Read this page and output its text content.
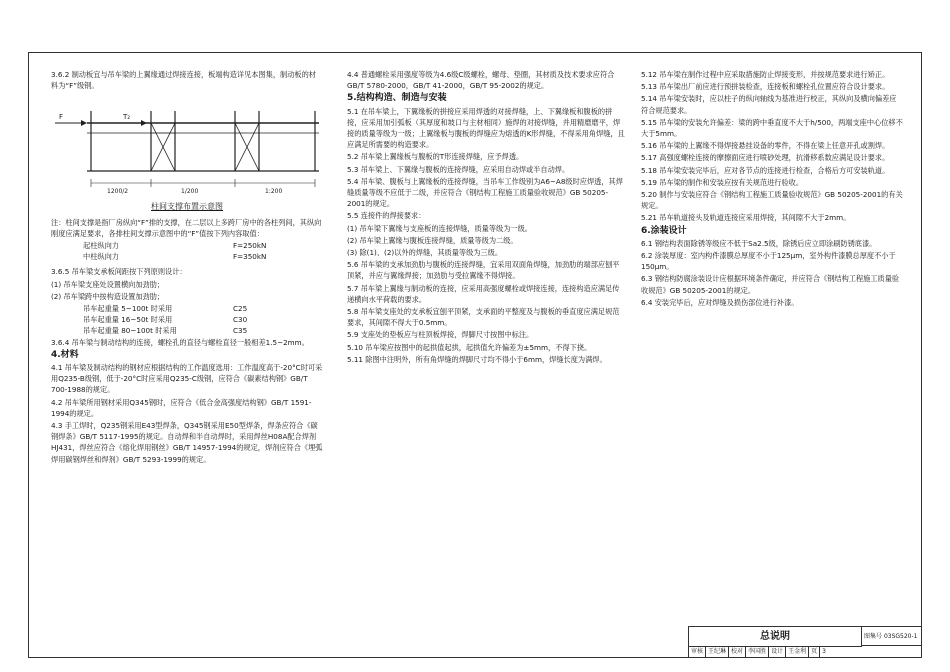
3.6.2 制动板宜与吊车梁的上翼缘通过焊接连接，板端构造详见本图集，制动板的材料为“F”级钢。

F	T₂
1200/2	1/200	1:200
柱间支撑布置示意图

注：柱间支撑是指厂房纵向“F”排的支撑，在二层以上多跨厂房中的各柱列间，其纵向刚度应满足要求，各排柱间支撑示意图中的“F”值按下列内容取值：

起柱纵向力	F=250kN
中柱纵向力	F=350kN

3.6.5 吊车梁支承板间距按下列原则设计：

(1) 吊车梁支座处设置横向加劲肋；

(2) 吊车梁跨中按构造设置加劲肋；

吊车起重量 5~100t 时采用	C25
吊车起重量 16~50t 时采用	C30
吊车起重量 80~100t 时采用	C35

3.6.4 吊车梁与制动结构的连接，螺栓孔的直径与螺栓直径一般相差1.5~2mm。

4.材料

4.1 吊车梁及制动结构的钢材应根据结构的工作温度选用：工作温度高于-20°C时可采用Q235-B级钢，低于-20°C时应采用Q235-C级钢，应符合《碳素结构钢》GB/T 700-1988的规定。

4.2 吊车梁所用钢材采用Q345钢时，应符合《低合金高强度结构钢》GB/T 1591-1994的规定。

4.3 手工焊时，Q235钢采用E43型焊条，Q345钢采用E50型焊条，焊条应符合《碳钢焊条》GB/T 5117-1995的规定。自动焊和半自动焊时，采用焊丝H08A配合焊剂HJ431，焊丝应符合《熔化焊用钢丝》GB/T 14957-1994的规定，焊剂应符合《埋弧焊用碳钢焊丝和焊剂》GB/T 5293-1999的规定。

4.4 普通螺栓采用强度等级为4.6级C级螺栓，螺母、垫圈，其材质及技术要求应符合GB/T 5780-2000，GB/T 41-2000，GB/T 95-2002的规定。

5.结构构造、制造与安装

5.1 在吊车梁上，下翼缘板的拼接应采用焊透的对接焊缝，上、下翼缘板和腹板的拼接，应采用加引弧板（其厚度和坡口与主材相同）施焊的对接焊缝，并用精磨磨平，焊接的质量等级为一级；上翼缘板与腹板的焊缝应为熔透的K形焊缝，不得采用角焊缝，且应满足所需要的构造要求。

5.2 吊车梁上翼缘板与腹板的T形连接焊缝，应予焊透。

5.3 吊车梁上、下翼缘与腹板的连接焊缝，应采用自动焊或半自动焊。

5.4 吊车梁、腹板与上翼缘板的连接焊缝，当吊车工作级别为A6~A8级时应焊透，其焊缝质量等级不应低于二级，并应符合《钢结构工程施工质量验收规范》GB 50205-2001的规定。

5.5 连接件的焊接要求：

(1) 吊车梁下翼缘与支座板的连接焊缝，质量等级为一级。

(2) 吊车梁上翼缘与腹板连接焊缝，质量等级为二级。

(3) 除(1)、(2)以外的焊缝，其质量等级为三级。

5.6 吊车梁的支承加劲肋与腹板的连接焊缝，宜采用双面角焊缝，加劲肋的端部应刨平顶紧，并应与翼缘焊接；加劲肋与受拉翼缘不得焊接。

5.7 吊车梁上翼缘与制动板的连接，应采用高强度螺栓或焊接连接，连接构造应满足传递横向水平荷载的要求。

5.8 吊车梁支座处的支承板宜刨平顶紧，支承面的平整度及与腹板的垂直度应满足规范要求，其间隙不得大于0.5mm。

5.9 支座处的垫板应与柱顶板焊接，焊脚尺寸按图中标注。

5.10 吊车梁应按图中的起拱值起拱，起拱值允许偏差为±5mm，不得下挠。

5.11 除图中注明外，所有角焊缝的焊脚尺寸均不得小于6mm，焊缝长度为满焊。

5.12 吊车梁在制作过程中应采取措施防止焊接变形，并按规范要求进行矫正。

5.13 吊车梁出厂前应进行预拼装检查，连接板和螺栓孔位置应符合设计要求。

5.14 吊车梁安装时，应以柱子的纵向轴线为基准进行校正，其纵向及横向偏差应符合规范要求。

5.15 吊车梁的安装允许偏差：梁的跨中垂直度不大于h/500，两端支座中心位移不大于5mm。

5.16 吊车梁的上翼缘不得焊接悬挂设备的零件，不得在梁上任意开孔或割焊。

5.17 高强度螺栓连接的摩擦面应进行喷砂处理，抗滑移系数应满足设计要求。

5.18 吊车梁安装完毕后，应对各节点的连接进行检查，合格后方可安装轨道。

5.19 吊车梁的制作和安装应按有关规范进行验收。

5.20 制作与安装应符合《钢结构工程施工质量验收规范》GB 50205-2001的有关规定。

5.21 吊车轨道接头及轨道连接应采用焊接，其间隙不大于2mm。

6.涂装设计

6.1 钢结构表面除锈等级应不低于Sa2.5级，除锈后应立即涂刷防锈底漆。

6.2 涂装厚度：室内构件漆膜总厚度不小于125μm，室外构件漆膜总厚度不小于150μm。

6.3 钢结构防腐涂装设计应根据环境条件确定，并应符合《钢结构工程施工质量验收规范》GB 50205-2001的规定。

6.4 安装完毕后，应对焊缝及损伤部位进行补漆。

总说明	图集号 03SG520-1
审核 王纪琳 校对 李国胜 设计 王金利 页 3
